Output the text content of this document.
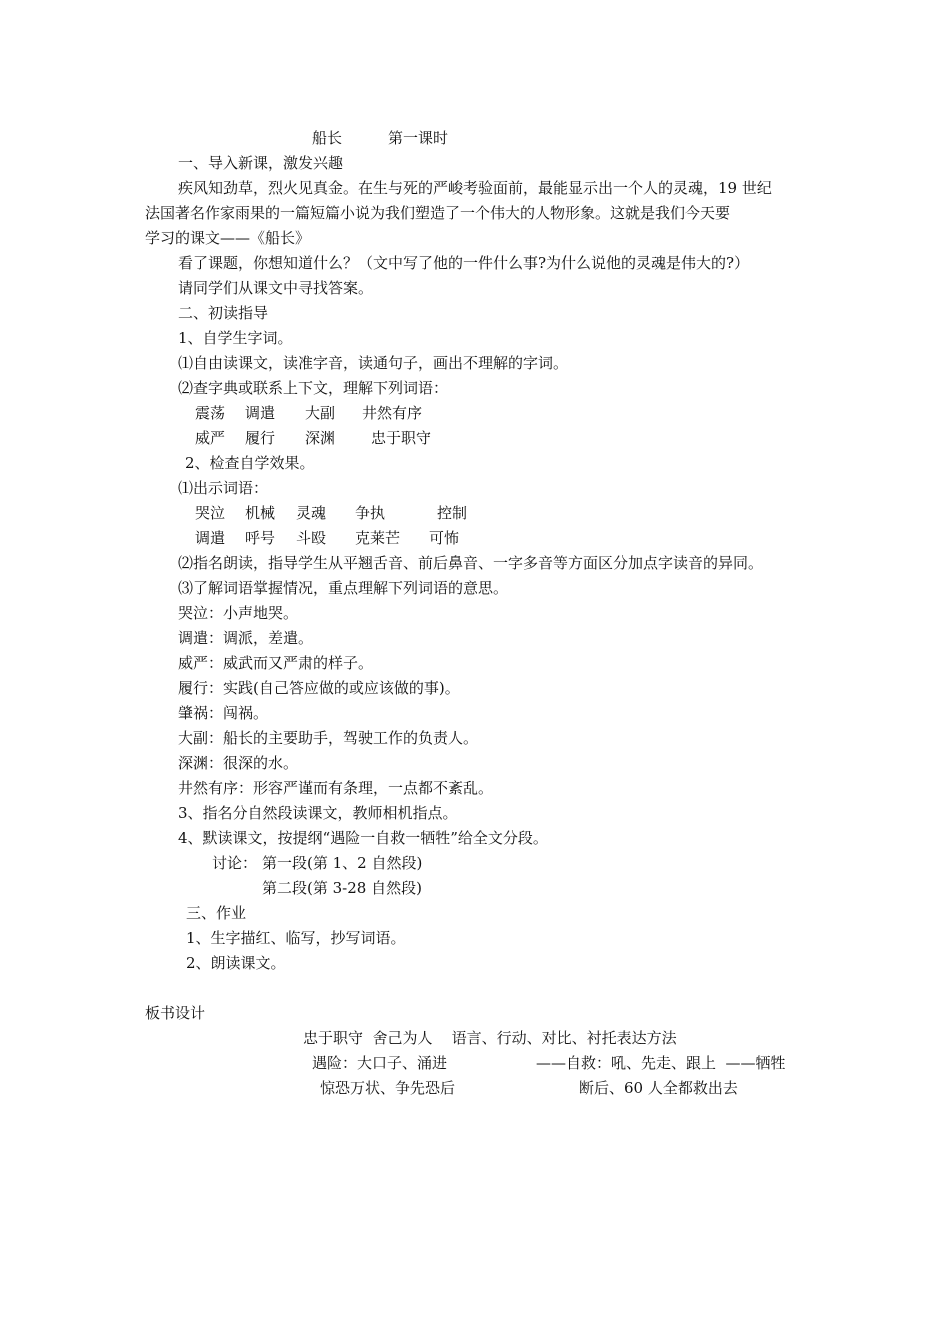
船长	第一课时
一、导入新课，激发兴趣
疾风知劲草，烈火见真金。在生与死的严峻考验面前，最能显示出一个人的灵魂，19 世纪
法国著名作家雨果的一篇短篇小说为我们塑造了一个伟大的人物形象。这就是我们今天要
学习的课文——《船长》
看了课题，你想知道什么？（文中写了他的一件什么事?为什么说他的灵魂是伟大的?）
请同学们从课文中寻找答案。
二、初读指导
1、自学生字词。
⑴自由读课文，读准字音，读通句子，画出不理解的字词。
⑵查字典或联系上下文，理解下列词语：
震荡 调遣 大副 井然有序
威严 履行 深渊 忠于职守
2、检查自学效果。
⑴出示词语：
哭泣 机械 灵魂 争执	控制
调遣 呼号 斗殴 克莱芒 可怖
⑵指名朗读，指导学生从平翘舌音、前后鼻音、一字多音等方面区分加点字读音的异同。
⑶了解词语掌握情况，重点理解下列词语的意思。
哭泣：小声地哭。
调遣：调派，差遣。
威严：威武而又严肃的样子。
履行：实践(自己答应做的或应该做的事)。
肇祸：闯祸。
大副：船长的主要助手，驾驶工作的负责人。
深渊：很深的水。
井然有序：形容严谨而有条理，一点都不紊乱。
3、指名分自然段读课文，教师相机指点。
4、默读课文，按提纲“遇险一自救一牺牲”给全文分段。
讨论： 第一段(第 1、2 自然段)
第二段(第 3-28 自然段)
三、作业
1、生字描红、临写，抄写词语。
2、朗读课文。
板书设计
忠于职守  舍己为人    语言、行动、对比、衬托表达方法
遇险：大口子、涌进	——自救：吼、先走、跟上  ——牺牲
惊恐万状、争先恐后	断后、60 人全都救出去
